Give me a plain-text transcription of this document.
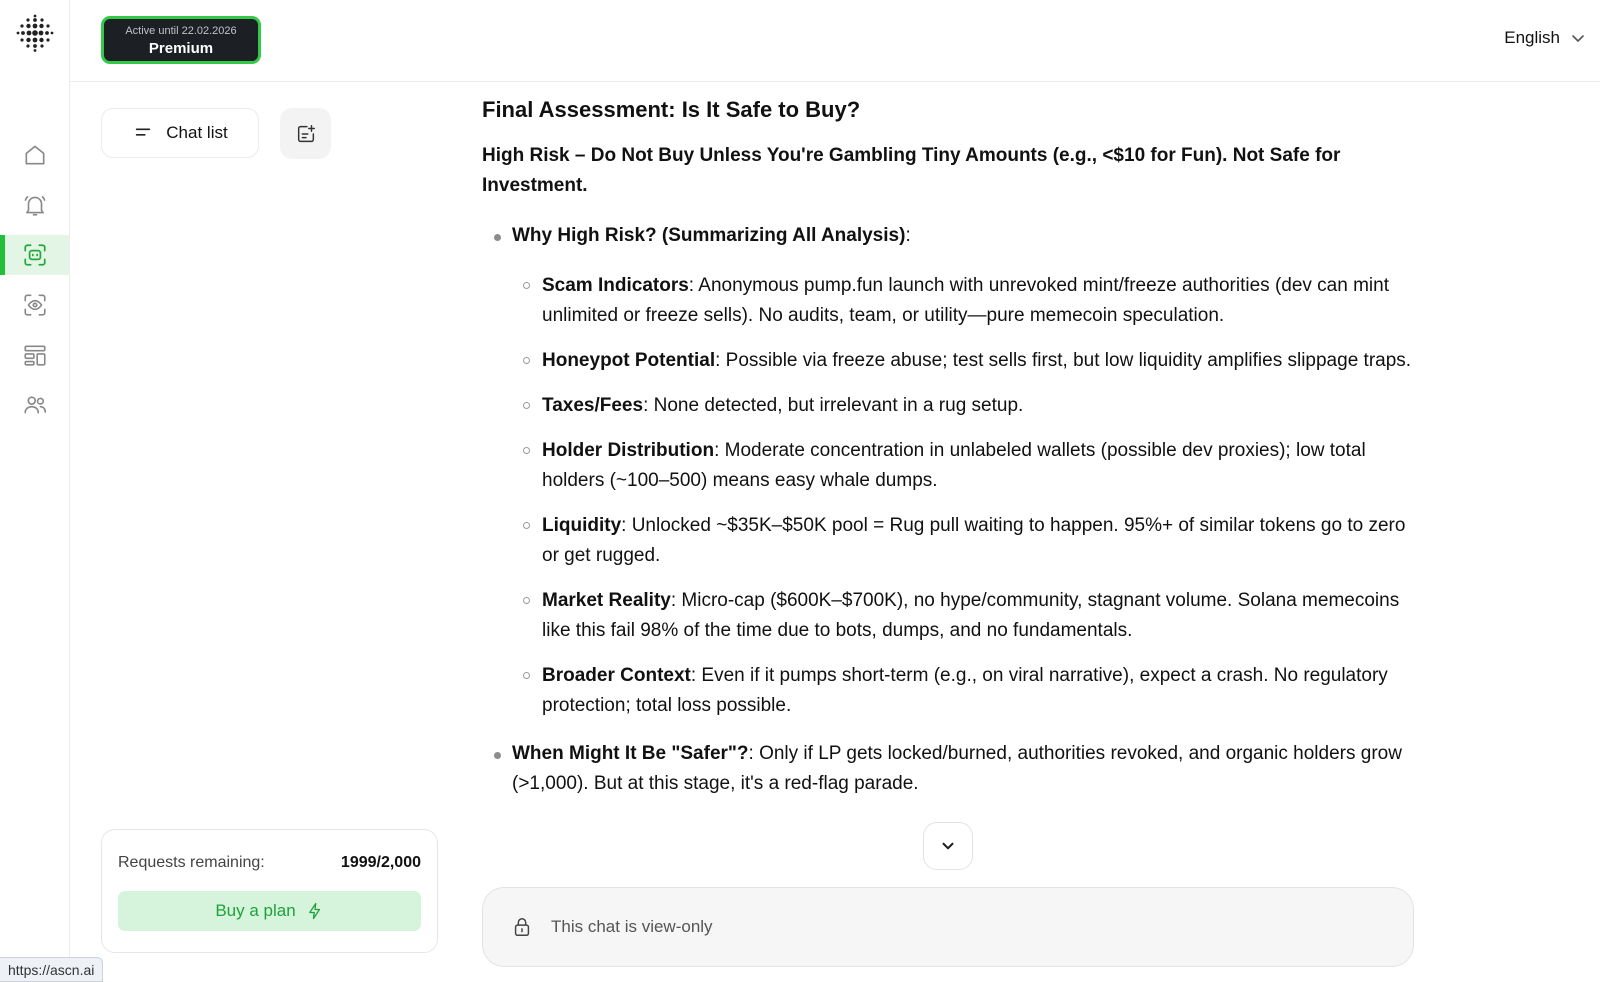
Active until 22.02.2026
Premium
English
Chat list
Requests remaining:	1999/2,000
Buy a plan
Final Assessment: Is It Safe to Buy?

High Risk – Do Not Buy Unless You're Gambling Tiny Amounts (e.g., <$10 for Fun). Not Safe for Investment.

Why High Risk? (Summarizing All Analysis):
Scam Indicators: Anonymous pump.fun launch with unrevoked mint/freeze authorities (dev can mint unlimited or freeze sells). No audits, team, or utility—pure memecoin speculation.
Honeypot Potential: Possible via freeze abuse; test sells first, but low liquidity amplifies slippage traps.
Taxes/Fees: None detected, but irrelevant in a rug setup.
Holder Distribution: Moderate concentration in unlabeled wallets (possible dev proxies); low total holders (~100–500) means easy whale dumps.
Liquidity: Unlocked ~$35K–$50K pool = Rug pull waiting to happen. 95%+ of similar tokens go to zero or get rugged.
Market Reality: Micro-cap ($600K–$700K), no hype/community, stagnant volume. Solana memecoins like this fail 98% of the time due to bots, dumps, and no fundamentals.
Broader Context: Even if it pumps short-term (e.g., on viral narrative), expect a crash. No regulatory protection; total loss possible.
When Might It Be "Safer"?: Only if LP gets locked/burned, authorities revoked, and organic holders grow (>1,000). But at this stage, it's a red-flag parade.
This chat is view-only
https://ascn.ai
